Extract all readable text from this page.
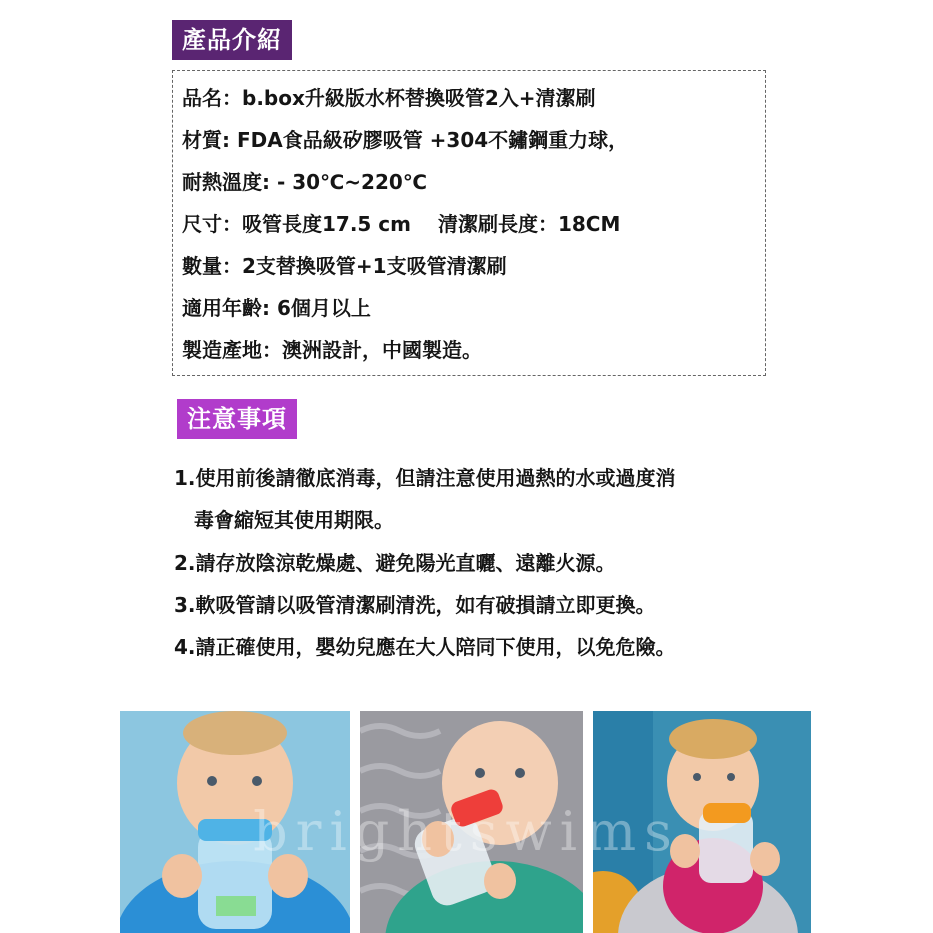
產品介紹
品名：b.box升級版水杯替換吸管2入+清潔刷
材質: FDA食品級矽膠吸管 +304不鏽鋼重力球，
耐熱溫度: - 30℃~220℃
尺寸：吸管長度17.5 cm　 清潔刷長度：18CM
數量：2支替換吸管+1支吸管清潔刷
適用年齡: 6個月以上
製造產地：澳洲設計，中國製造。
注意事項
1.使用前後請徹底消毒，但請注意使用過熱的水或過度消
　毒會縮短其使用期限。
2.請存放陰涼乾燥處、避免陽光直曬、遠離火源。
3.軟吸管請以吸管清潔刷清洗，如有破損請立即更換。
4.請正確使用，嬰幼兒應在大人陪同下使用，以免危險。
brightswims
